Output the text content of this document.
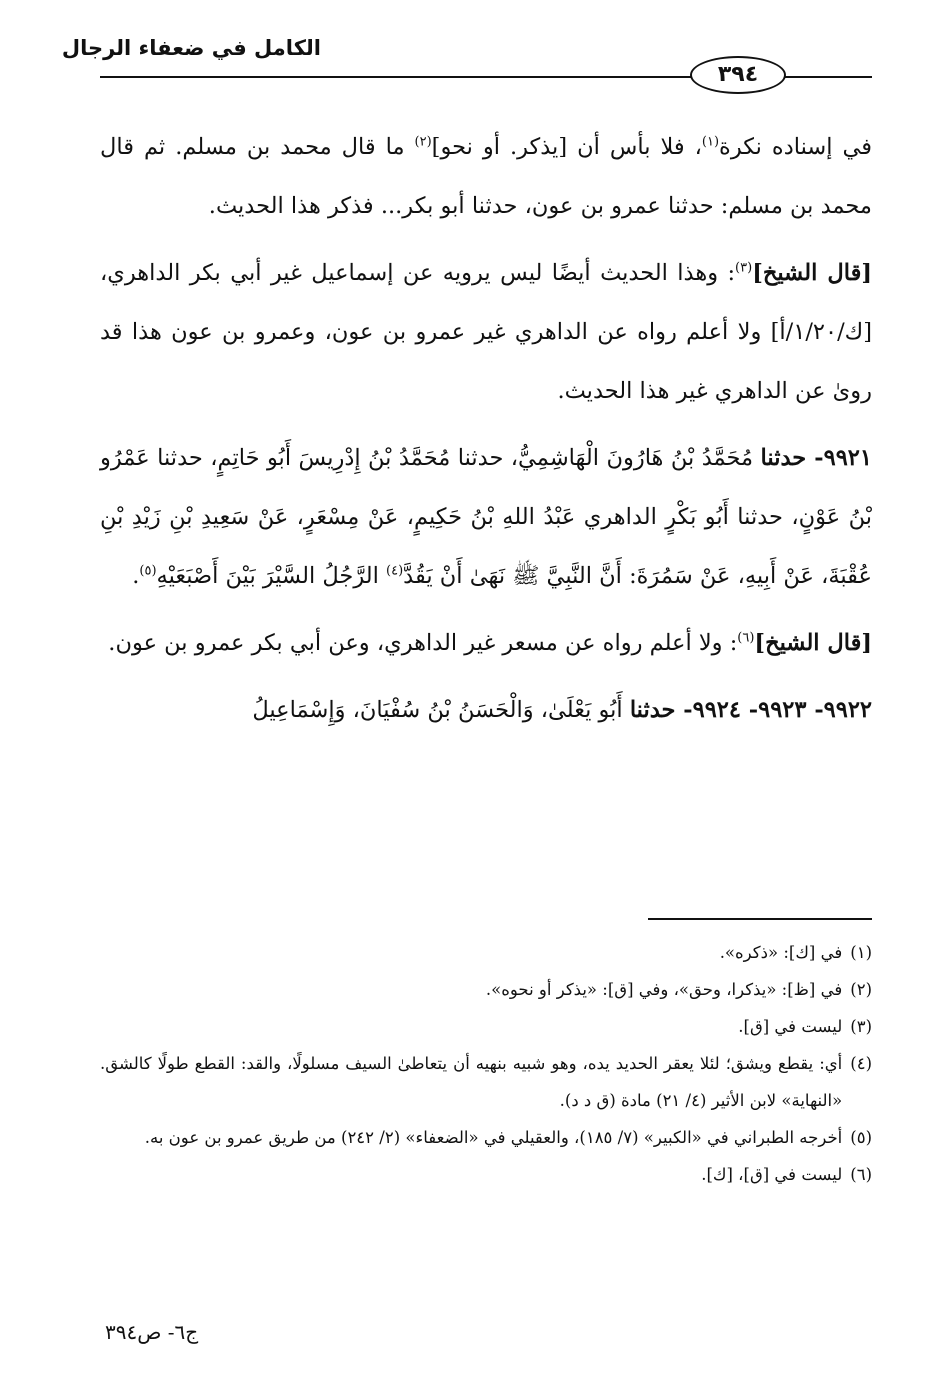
الكامل في ضعفاء الرجال
٣٩٤

في إسناده نكرة$^{(١)}$، فلا بأس أن [يذكر. أو نحو]$^{(٢)}$ ما قال محمد بن مسلم. ثم قال محمد بن مسلم: حدثنا عمرو بن عون، حدثنا أبو بكر... فذكر هذا الحديث.

[قال الشيخ]$^{(٣)}$: وهذا الحديث أيضًا ليس يرويه عن إسماعيل غير أبي بكر الداهري، [ك/١/٢٠/أ] ولا أعلم رواه عن الداهري غير عمرو بن عون، وعمرو بن عون هذا قد روىٰ عن الداهري غير هذا الحديث.

٩٩٢١- حدثنا مُحَمَّدُ بْنُ هَارُونَ الْهَاشِمِيُّ، حدثنا مُحَمَّدُ بْنُ إِدْرِيسَ أَبُو حَاتِمٍ، حدثنا عَمْرُو بْنُ عَوْنٍ، حدثنا أَبُو بَكْرٍ الداهري عَبْدُ اللهِ بْنُ حَكِيمٍ، عَنْ مِسْعَرٍ، عَنْ سَعِيدِ بْنِ زَيْدِ بْنِ عُقْبَةَ، عَنْ أَبِيهِ، عَنْ سَمُرَةَ: أَنَّ النَّبِيَّ ﷺ نَهَىٰ أَنْ يَقُدَّ$^{(٤)}$ الرَّجُلُ السَّيْرَ بَيْنَ أَصْبَعَيْهِ$^{(٥)}$.

[قال الشيخ]$^{(٦)}$: ولا أعلم رواه عن مسعر غير الداهري، وعن أبي بكر عمرو بن عون.

٩٩٢٢- ٩٩٢٣- ٩٩٢٤- حدثنا أَبُو يَعْلَىٰ، وَالْحَسَنُ بْنُ سُفْيَانَ، وَإِسْمَاعِيلُ

(١)
في [ك]: «ذكره».
(٢)
في [ظ]: «يذكرا، وحق»، وفي [ق]: «يذكر أو نحوه».
(٣)
ليست في [ق].
(٤)
أي: يقطع ويشق؛ لئلا يعقر الحديد يده، وهو شبيه بنهيه أن يتعاطىٰ السيف مسلولًا، والقد: القطع طولًا كالشق. «النهاية» لابن الأثير (٤/ ٢١) مادة (ق د د).
(٥)
أخرجه الطبراني في «الكبير» (٧/ ١٨٥)، والعقيلي في «الضعفاء» (٢/ ٢٤٢) من طريق عمرو بن عون به.
(٦)
ليست في [ق]، [ك].
ج٦- ص٣٩٤
